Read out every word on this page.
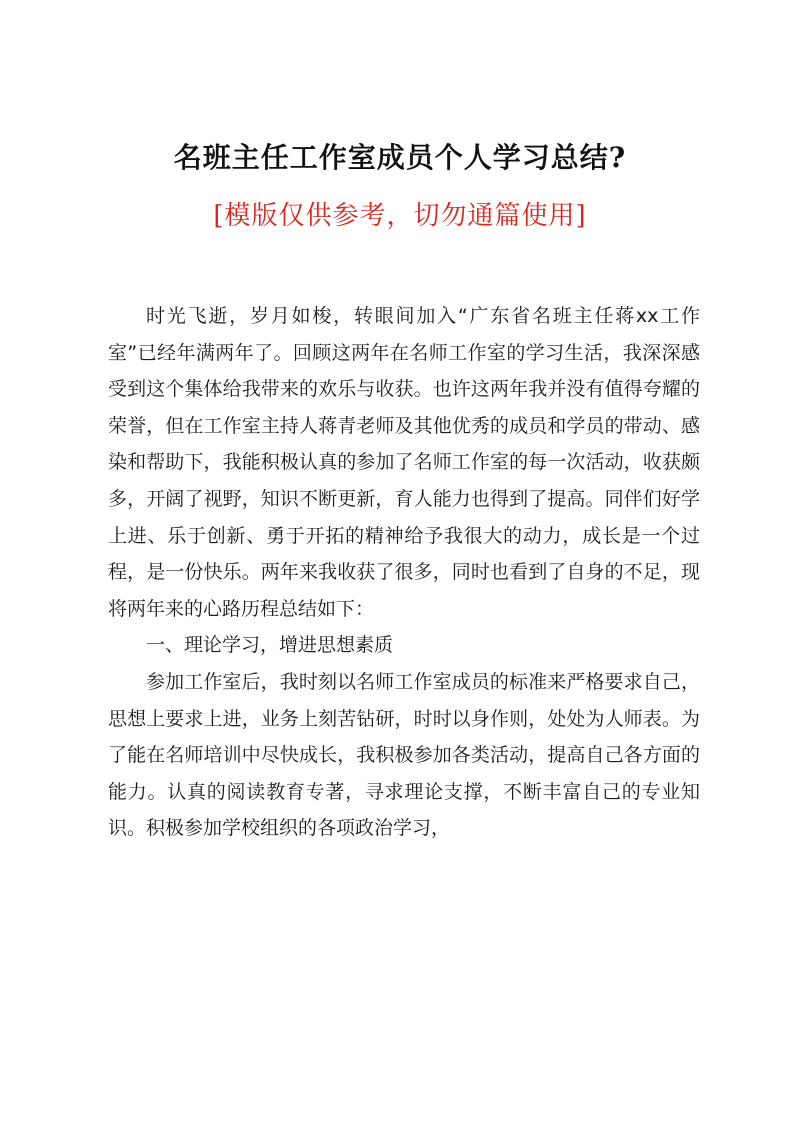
名班主任工作室成员个人学习总结?
[模版仅供参考，切勿通篇使用]

时光飞逝，岁月如梭，转眼间加入“广东省名班主任蒋xx工作室”已经年满两年了。回顾这两年在名师工作室的学习生活，我深深感受到这个集体给我带来的欢乐与收获。也许这两年我并没有值得夸耀的荣誉，但在工作室主持人蒋青老师及其他优秀的成员和学员的带动、感染和帮助下，我能积极认真的参加了名师工作室的每一次活动，收获颇多，开阔了视野，知识不断更新，育人能力也得到了提高。同伴们好学上进、乐于创新、勇于开拓的精神给予我很大的动力，成长是一个过程，是一份快乐。两年来我收获了很多，同时也看到了自身的不足，现将两年来的心路历程总结如下：

一、理论学习，增进思想素质

参加工作室后，我时刻以名师工作室成员的标准来严格要求自己，思想上要求上进，业务上刻苦钻研，时时以身作则，处处为人师表。为了能在名师培训中尽快成长，我积极参加各类活动，提高自己各方面的能力。认真的阅读教育专著，寻求理论支撑，不断丰富自己的专业知识。积极参加学校组织的各项政治学习，
